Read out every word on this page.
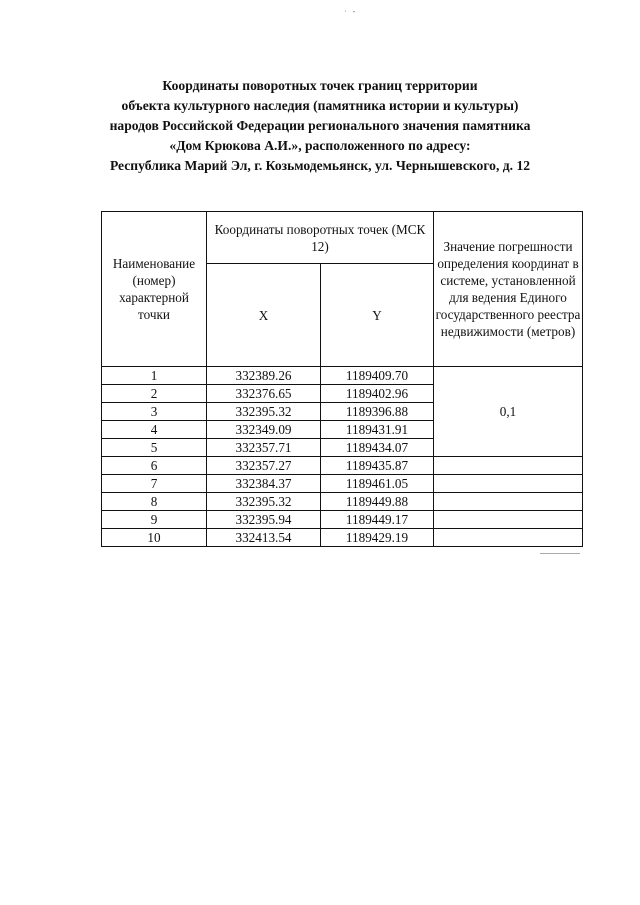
· -
Координаты поворотных точек границ территории
объекта культурного наследия (памятника истории и культуры)
народов Российской Федерации регионального значения памятника
«Дом Крюкова А.И.», расположенного по адресу:
Республика Марий Эл, г. Козьмодемьянск, ул. Чернышевского, д. 12
Наименование (номер) характерной точки	Координаты поворотных точек (МСК 12)		Значение погрешности определения координат в системе, установленной для ведения Единого государственного реестра недвижимости (метров)
	X	Y	
1	332389.26	1189409.70	0,1
2	332376.65	1189402.96	
3	332395.32	1189396.88	
4	332349.09	1189431.91	
5	332357.71	1189434.07	
6	332357.27	1189435.87	
7	332384.37	1189461.05	
8	332395.32	1189449.88	
9	332395.94	1189449.17	
10	332413.54	1189429.19	
